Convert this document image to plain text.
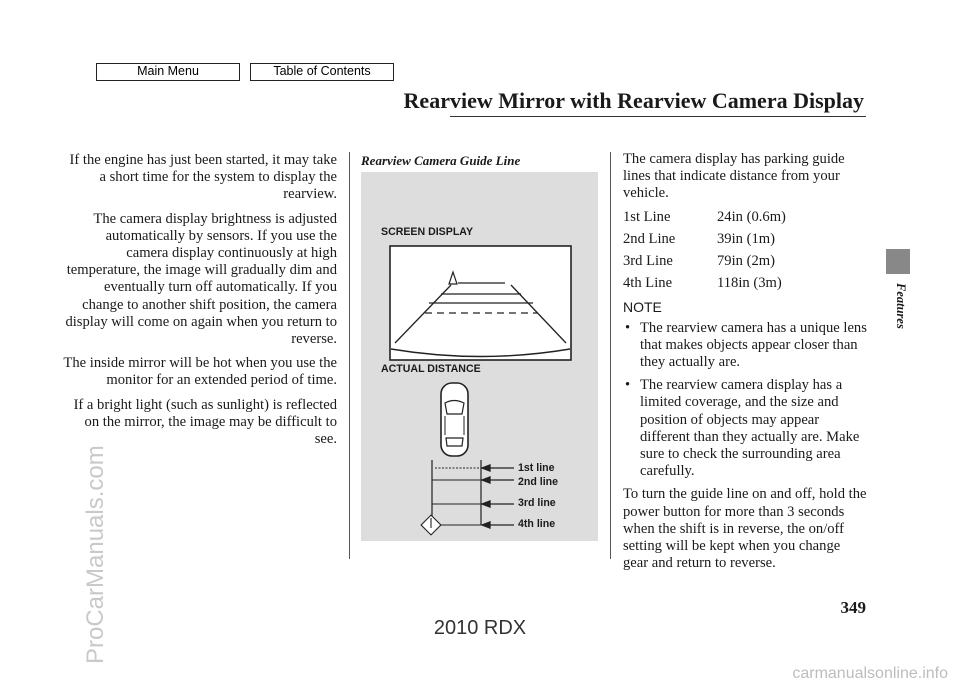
Main Menu	Table of Contents
Rearview Mirror with Rearview Camera Display

If the engine has just been started, it may take a short time for the system to display the rearview.

The camera display brightness is adjusted automatically by sensors. If you use the camera display continuously at high temperature, the image will gradually dim and eventually turn off automatically. If you change to another shift position, the camera display will come on again when you return to reverse.

The inside mirror will be hot when you use the monitor for an extended period of time.

If a bright light (such as sunlight) is reflected on the mirror, the image may be difficult to see.

Rearview Camera Guide Line
SCREEN DISPLAY
ACTUAL DISTANCE
1st line
2nd line
3rd line
4th line

The camera display has parking guide lines that indicate distance from your vehicle.

1st Line	24in (0.6m)
2nd Line	39in (1m)
3rd Line	79in (2m)
4th Line	118in (3m)
NOTE
• The rearview camera has a unique lens that makes objects appear closer than they actually are.
• The rearview camera display has a limited coverage, and the size and position of objects may appear different than they actually are. Make sure to check the surrounding area carefully.

To turn the guide line on and off, hold the power button for more than 3 seconds when the shift is in reverse, the on/off setting will be kept when you change gear and return to reverse.

Features
349
2010 RDX
ProCarManuals.com
carmanualsonline.info
